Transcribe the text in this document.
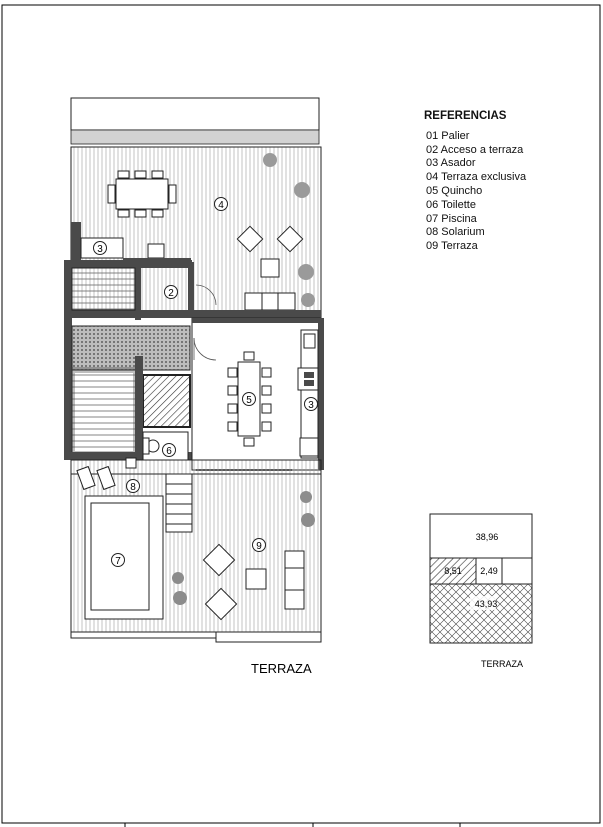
3
2
4
5	3
6
8
7
9
TERRAZA
38,96
8,51 2,49
43,93
TERRAZA
REFERENCIAS
01 Palier
02 Acceso a terraza
03 Asador
04 Terraza exclusiva
05 Quincho
06 Toilette
07 Piscina
08 Solarium
09 Terraza
